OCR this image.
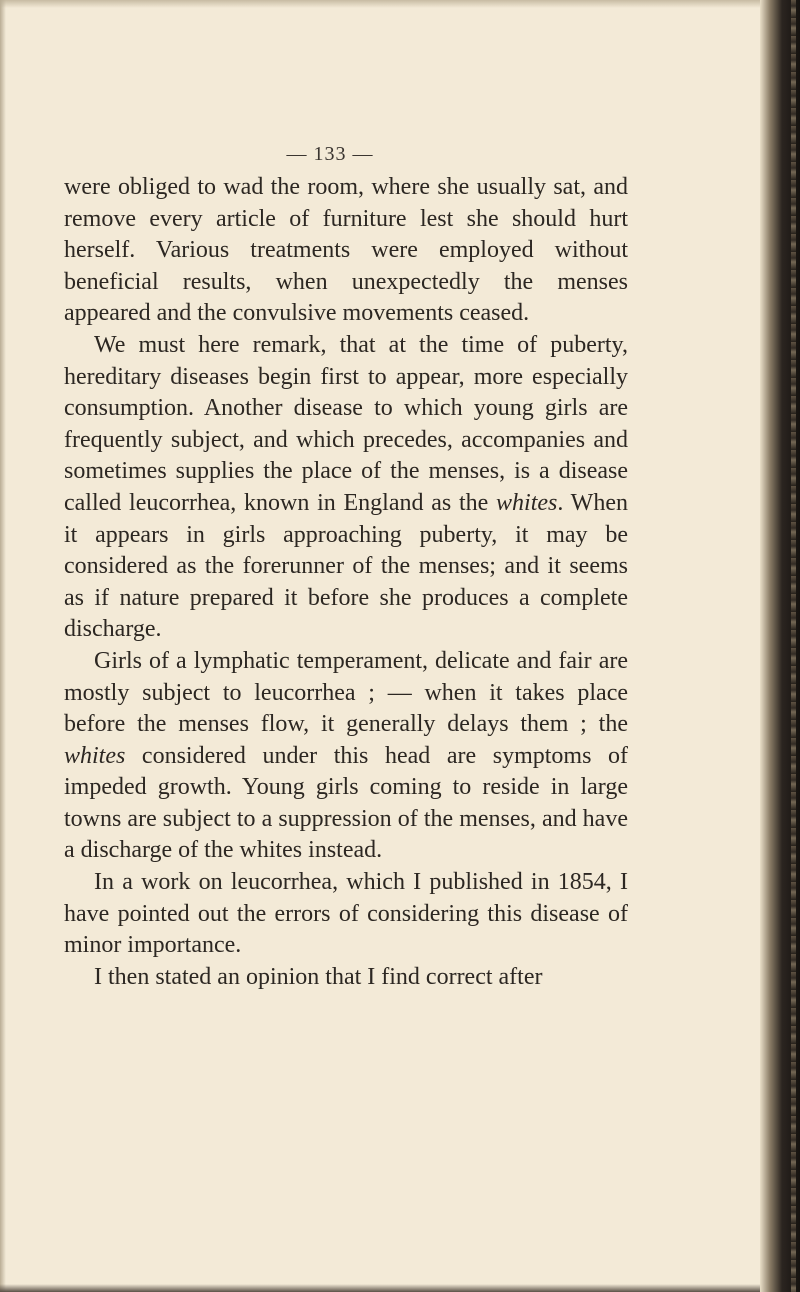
— 133 —

were obliged to wad the room, where she usually sat, and remove every article of furniture lest she should hurt herself. Various treatments were employed without beneficial results, when unexpectedly the menses appeared and the convulsive movements ceased.

We must here remark, that at the time of puberty, hereditary diseases begin first to appear, more especially consumption. Another disease to which young girls are frequently subject, and which precedes, accompanies and sometimes supplies the place of the menses, is a disease called leucorrhea, known in England as the whites. When it appears in girls approaching puberty, it may be considered as the forerunner of the menses; and it seems as if nature prepared it before she produces a complete discharge.

Girls of a lymphatic temperament, delicate and fair are mostly subject to leucorrhea ; — when it takes place before the menses flow, it generally delays them ; the whites considered under this head are symptoms of impeded growth. Young girls coming to reside in large towns are subject to a suppression of the menses, and have a discharge of the whites instead.

In a work on leucorrhea, which I published in 1854, I have pointed out the errors of considering this disease of minor importance.

I then stated an opinion that I find correct after
